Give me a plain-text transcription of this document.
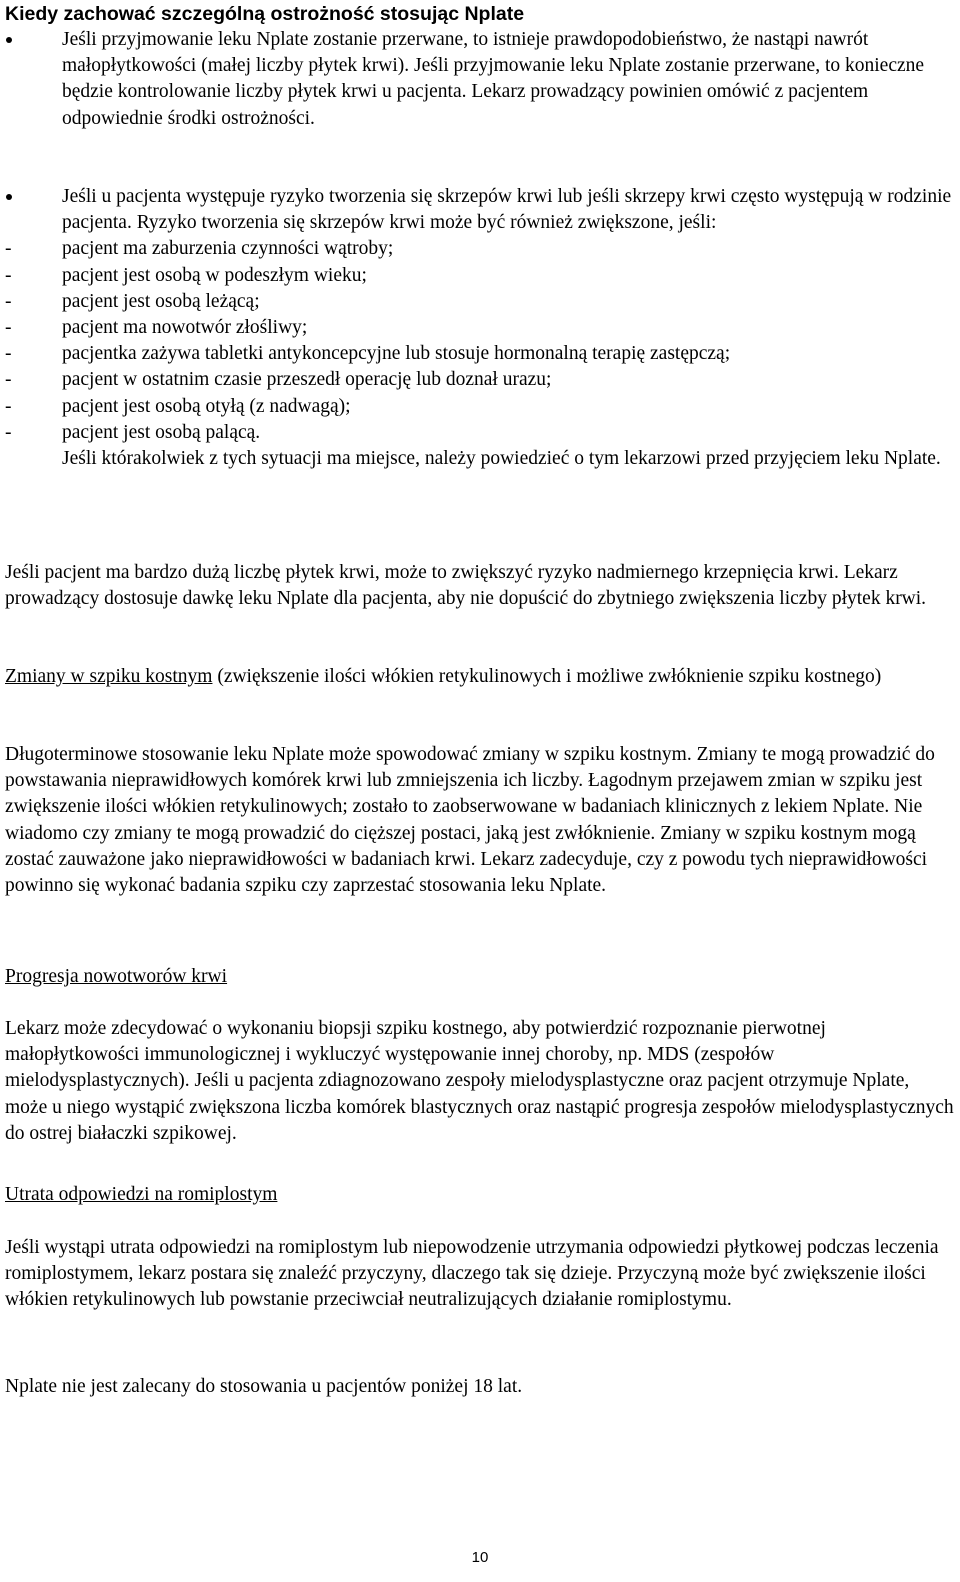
Kiedy zachować szczególną ostrożność stosując Nplate

Jeśli przyjmowanie leku Nplate zostanie przerwane, to istnieje prawdopodobieństwo, że nastąpi nawrót małopłytkowości (małej liczby płytek krwi). Jeśli przyjmowanie leku Nplate zostanie przerwane, to konieczne będzie kontrolowanie liczby płytek krwi u pacjenta. Lekarz prowadzący powinien omówić z pacjentem odpowiednie środki ostrożności.

Jeśli u pacjenta występuje ryzyko tworzenia się skrzepów krwi lub jeśli skrzepy krwi często występują w rodzinie pacjenta. Ryzyko tworzenia się skrzepów krwi może być również zwiększone, jeśli:

-	pacjent ma zaburzenia czynności wątroby;
-	pacjent jest osobą w podeszłym wieku;
-	pacjent jest osobą leżącą;
-	pacjent ma nowotwór złośliwy;
-	pacjentka zażywa tabletki antykoncepcyjne lub stosuje hormonalną terapię zastępczą;
-	pacjent w ostatnim czasie przeszedł operację lub doznał urazu;
-	pacjent jest osobą otyłą (z nadwagą);
-	pacjent jest osobą palącą.

Jeśli którakolwiek z tych sytuacji ma miejsce, należy powiedzieć o tym lekarzowi przed przyjęciem leku Nplate.

Jeśli pacjent ma bardzo dużą liczbę płytek krwi, może to zwiększyć ryzyko nadmiernego krzepnięcia krwi. Lekarz prowadzący dostosuje dawkę leku Nplate dla pacjenta, aby nie dopuścić do zbytniego zwiększenia liczby płytek krwi.

Zmiany w szpiku kostnym (zwiększenie ilości włókien retykulinowych i możliwe zwłóknienie szpiku kostnego)

Długoterminowe stosowanie leku Nplate może spowodować zmiany w szpiku kostnym. Zmiany te mogą prowadzić do powstawania nieprawidłowych komórek krwi lub zmniejszenia ich liczby. Łagodnym przejawem zmian w szpiku jest zwiększenie ilości włókien retykulinowych; zostało to zaobserwowane w badaniach klinicznych z lekiem Nplate. Nie wiadomo czy zmiany te mogą prowadzić do cięższej postaci, jaką jest zwłóknienie. Zmiany w szpiku kostnym mogą zostać zauważone jako nieprawidłowości w badaniach krwi. Lekarz zadecyduje, czy z powodu tych nieprawidłowości powinno się wykonać badania szpiku czy zaprzestać stosowania leku Nplate.

Progresja nowotworów krwi

Lekarz może zdecydować o wykonaniu biopsji szpiku kostnego, aby potwierdzić rozpoznanie pierwotnej małopłytkowości immunologicznej i wykluczyć występowanie innej choroby, np. MDS (zespołów mielodysplastycznych). Jeśli u pacjenta zdiagnozowano zespoły mielodysplastyczne oraz pacjent otrzymuje Nplate, może u niego wystąpić zwiększona liczba komórek blastycznych oraz nastąpić progresja zespołów mielodysplastycznych do ostrej białaczki szpikowej.

Utrata odpowiedzi na romiplostym

Jeśli wystąpi utrata odpowiedzi na romiplostym lub niepowodzenie utrzymania odpowiedzi płytkowej podczas leczenia romiplostymem, lekarz postara się znaleźć przyczyny, dlaczego tak się dzieje. Przyczyną może być zwiększenie ilości włókien retykulinowych lub powstanie przeciwciał neutralizujących działanie romiplostymu.

Nplate nie jest zalecany do stosowania u pacjentów poniżej 18 lat.

10
